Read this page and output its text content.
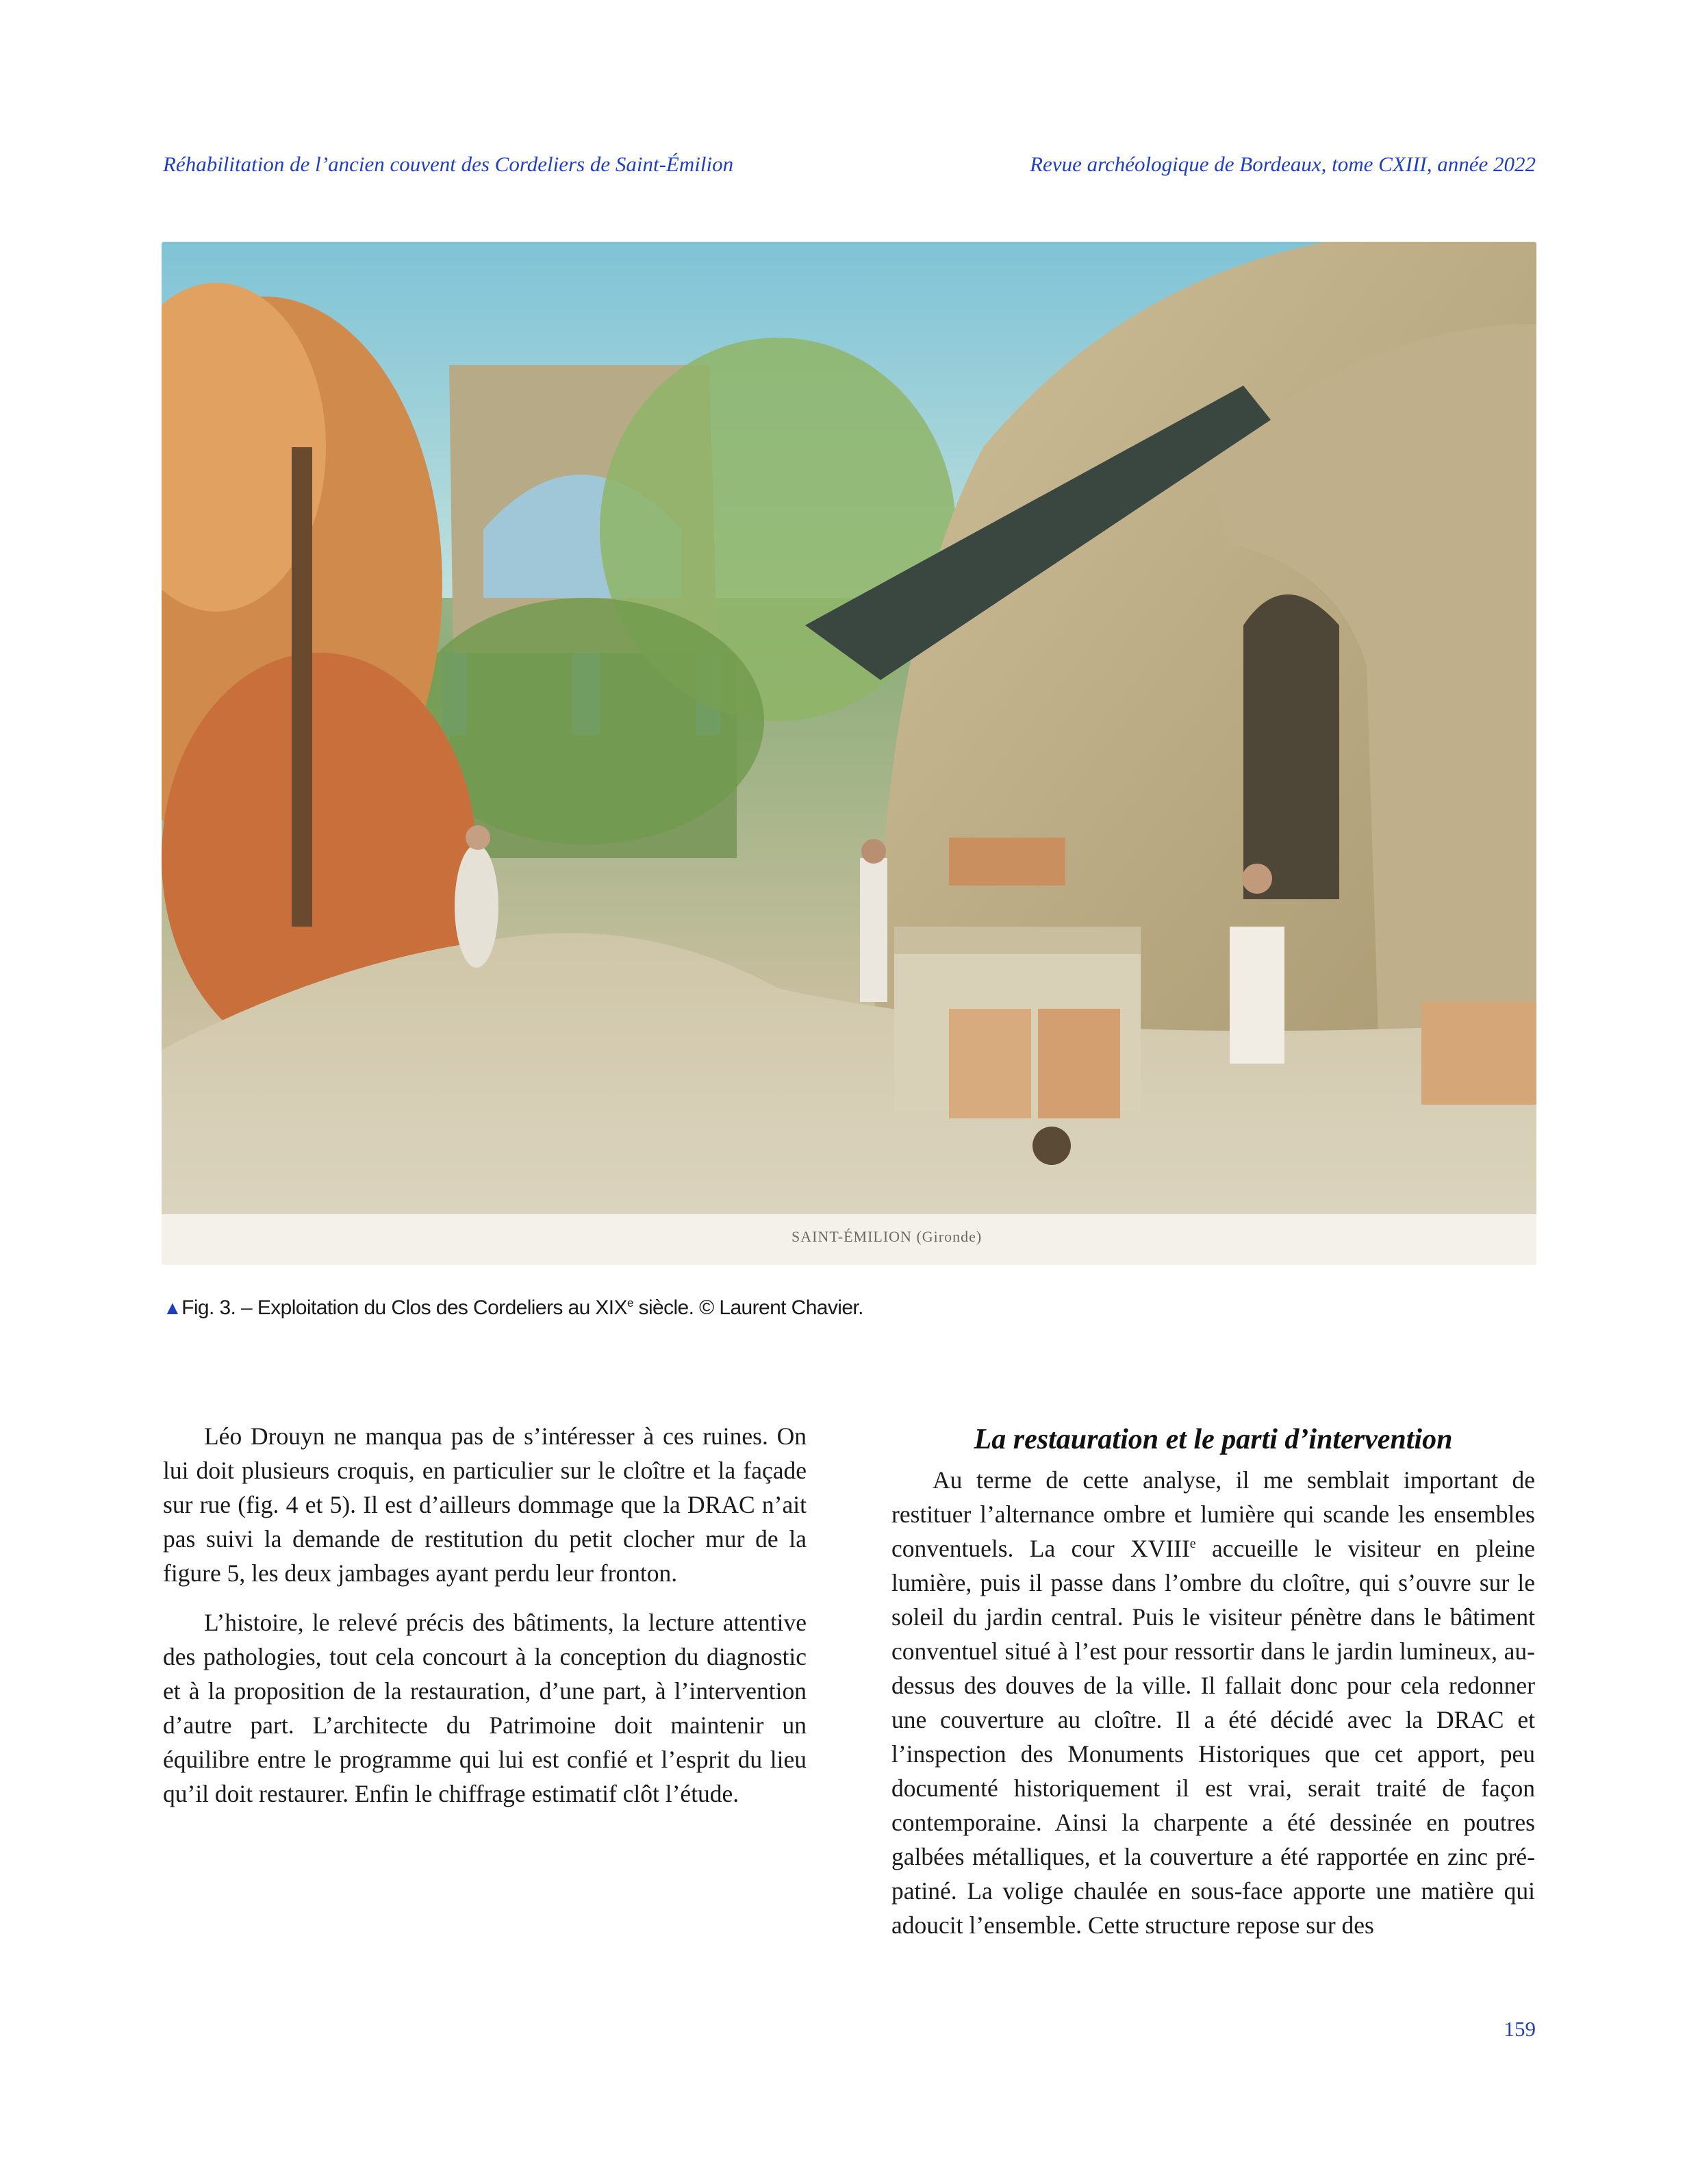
Réhabilitation de l’ancien couvent des Cordeliers de Saint-Émilion	Revue archéologique de Bordeaux, tome CXIII, année 2022
SAINT-ÉMILION (Gironde)
▲Fig. 3. – Exploitation du Clos des Cordeliers au XIXe siècle. © Laurent Chavier.

Léo Drouyn ne manqua pas de s’intéresser à ces ruines. On lui doit plusieurs croquis, en particulier sur le cloître et la façade sur rue (fig. 4 et 5). Il est d’ailleurs dommage que la DRAC n’ait pas suivi la demande de restitution du petit clocher mur de la figure 5, les deux jambages ayant perdu leur fronton.

L’histoire, le relevé précis des bâtiments, la lecture attentive des pathologies, tout cela concourt à la conception du diagnostic et à la proposition de la restauration, d’une part, à l’intervention d’autre part. L’architecte du Patrimoine doit maintenir un équilibre entre le programme qui lui est confié et l’esprit du lieu qu’il doit restaurer. Enfin le chiffrage estimatif clôt l’étude.

La restauration et le parti d’intervention

Au terme de cette analyse, il me semblait important de restituer l’alternance ombre et lumière qui scande les ensembles conventuels. La cour XVIIIe accueille le visiteur en pleine lumière, puis il passe dans l’ombre du cloître, qui s’ouvre sur le soleil du jardin central. Puis le visiteur pénètre dans le bâtiment conventuel situé à l’est pour ressortir dans le jardin lumineux, au-dessus des douves de la ville. Il fallait donc pour cela redonner une couverture au cloître. Il a été décidé avec la DRAC et l’inspection des Monuments Historiques que cet apport, peu documenté historiquement il est vrai, serait traité de façon contemporaine. Ainsi la charpente a été dessinée en poutres galbées métalliques, et la couverture a été rapportée en zinc pré-patiné. La volige chaulée en sous-face apporte une matière qui adoucit l’ensemble. Cette structure repose sur des

159
